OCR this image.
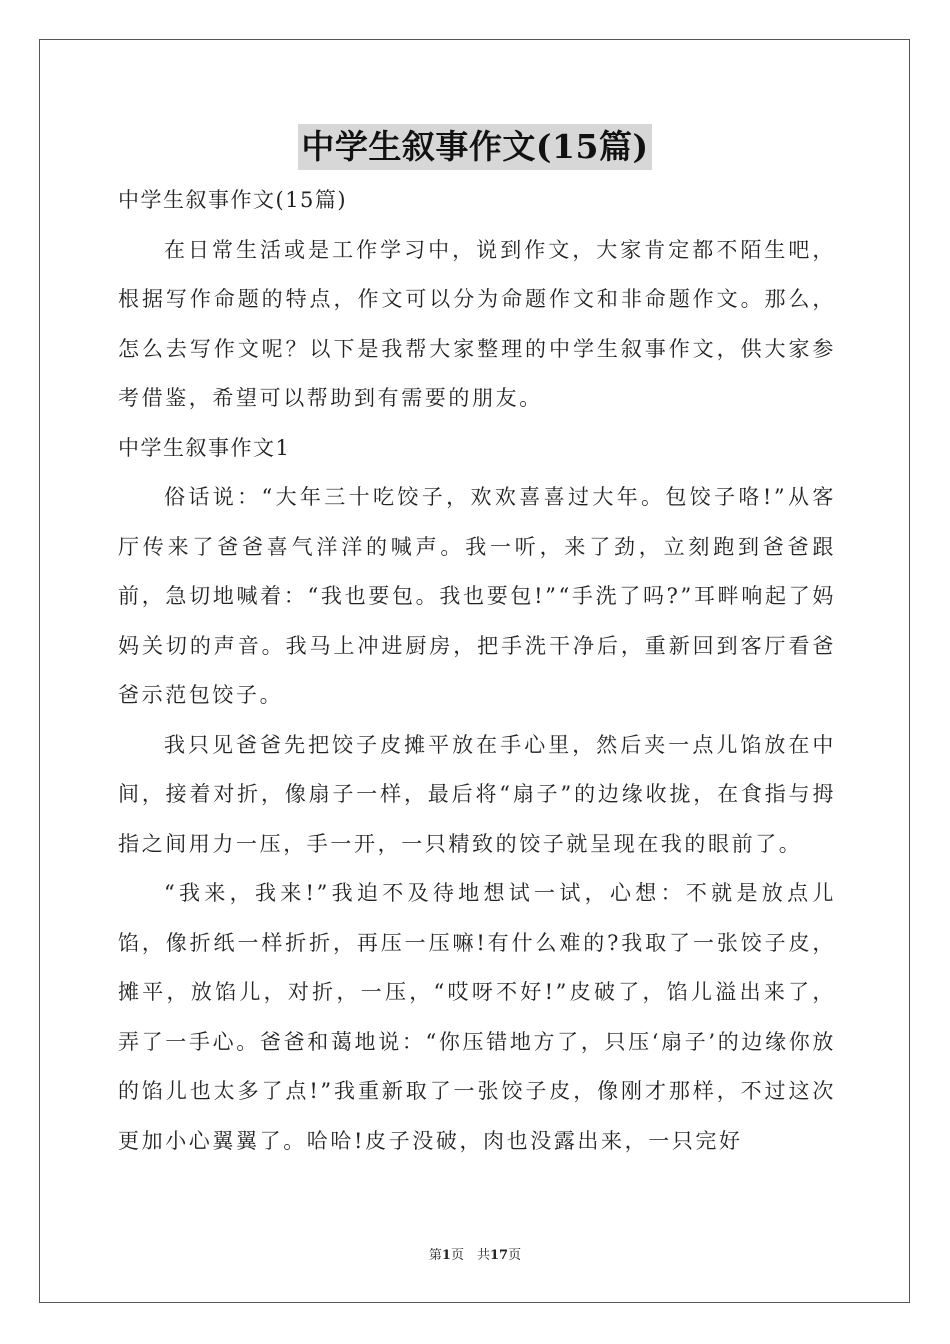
中学生叙事作文(15篇)

中学生叙事作文(15篇)

在日常生活或是工作学习中，说到作文，大家肯定都不陌生吧，根据写作命题的特点，作文可以分为命题作文和非命题作文。那么，怎么去写作文呢？以下是我帮大家整理的中学生叙事作文，供大家参考借鉴，希望可以帮助到有需要的朋友。

中学生叙事作文1

俗话说：“大年三十吃饺子，欢欢喜喜过大年。包饺子咯!”从客厅传来了爸爸喜气洋洋的喊声。我一听，来了劲，立刻跑到爸爸跟前，急切地喊着：“我也要包。我也要包!”“手洗了吗?”耳畔响起了妈妈关切的声音。我马上冲进厨房，把手洗干净后，重新回到客厅看爸爸示范包饺子。

我只见爸爸先把饺子皮摊平放在手心里，然后夹一点儿馅放在中间，接着对折，像扇子一样，最后将“扇子”的边缘收拢，在食指与拇指之间用力一压，手一开，一只精致的饺子就呈现在我的眼前了。

“我来，我来!”我迫不及待地想试一试，心想：不就是放点儿馅，像折纸一样折折，再压一压嘛!有什么难的?我取了一张饺子皮，摊平，放馅儿，对折，一压，“哎呀不好!”皮破了，馅儿溢出来了，弄了一手心。爸爸和蔼地说：“你压错地方了，只压‘扇子’的边缘你放的馅儿也太多了点!”我重新取了一张饺子皮，像刚才那样，不过这次更加小心翼翼了。哈哈!皮子没破，肉也没露出来，一只完好

第1页　共17页
